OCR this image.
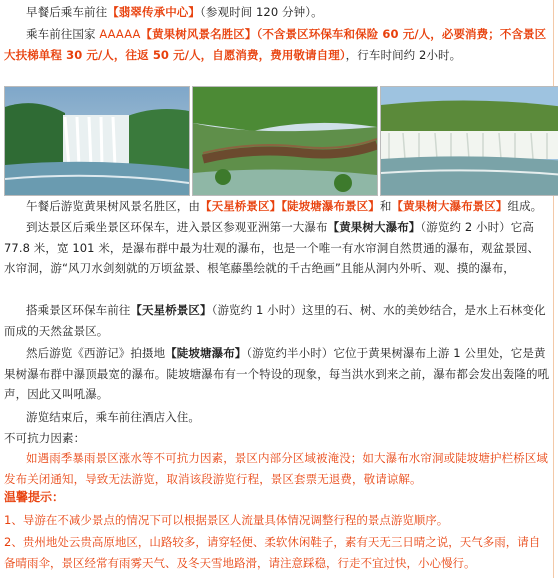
早餐后乘车前往【翡翠传承中心】（参观时间 120 分钟）。

乘车前往国家 AAAAA【黄果树风景名胜区】（不含景区环保车和保险 60 元/人，必要消费；不含景区大扶梯单程 30 元/人，往返 50 元/人，自愿消费，费用敬请自理），行车时间约 2小时。

午餐后游览黄果树风景名胜区，由【天星桥景区】【陡坡塘瀑布景区】和【黄果树大瀑布景区】组成。

到达景区后乘坐景区环保车，进入景区参观亚洲第一大瀑布【黄果树大瀑布】（游览约 2 小时）它高 77.8 米，宽 101 米，是瀑布群中最为壮观的瀑布，也是一个唯一有水帘洞自然贯通的瀑布，观盆景园、水帘洞，游“风刀水剑刻就的万顷盆景、根笔藤墨绘就的千古绝画”且能从洞内外听、观、摸的瀑布，

搭乘景区环保车前往【天星桥景区】（游览约 1 小时）这里的石、树、水的美妙结合，是水上石林变化而成的天然盆景区。

然后游览《西游记》拍摄地【陡坡塘瀑布】（游览约半小时）它位于黄果树瀑布上游 1 公里处，它是黄果树瀑布群中瀑顶最宽的瀑布。陡坡塘瀑布有一个特设的现象，每当洪水到来之前，瀑布都会发出轰隆的吼声，因此又叫吼瀑。

游览结束后，乘车前往酒店入住。

不可抗力因素：

如遇雨季暴雨景区涨水等不可抗力因素，景区内部分区域被淹没；如大瀑布水帘洞或陡坡塘护栏桥区域 发布关闭通知，导致无法游览，取消该段游览行程，景区套票无退费，敬请谅解。

温馨提示：

1、导游在不减少景点的情况下可以根据景区人流量具体情况调整行程的景点游览顺序。

2、贵州地处云贵高原地区，山路较多，请穿轻便、柔软休闲鞋子，素有天无三日晴之说，天气多雨，请自备晴雨伞，景区经常有雨雾天气、及冬天雪地路滑，请注意踩稳，行走不宜过快，小心慢行。
